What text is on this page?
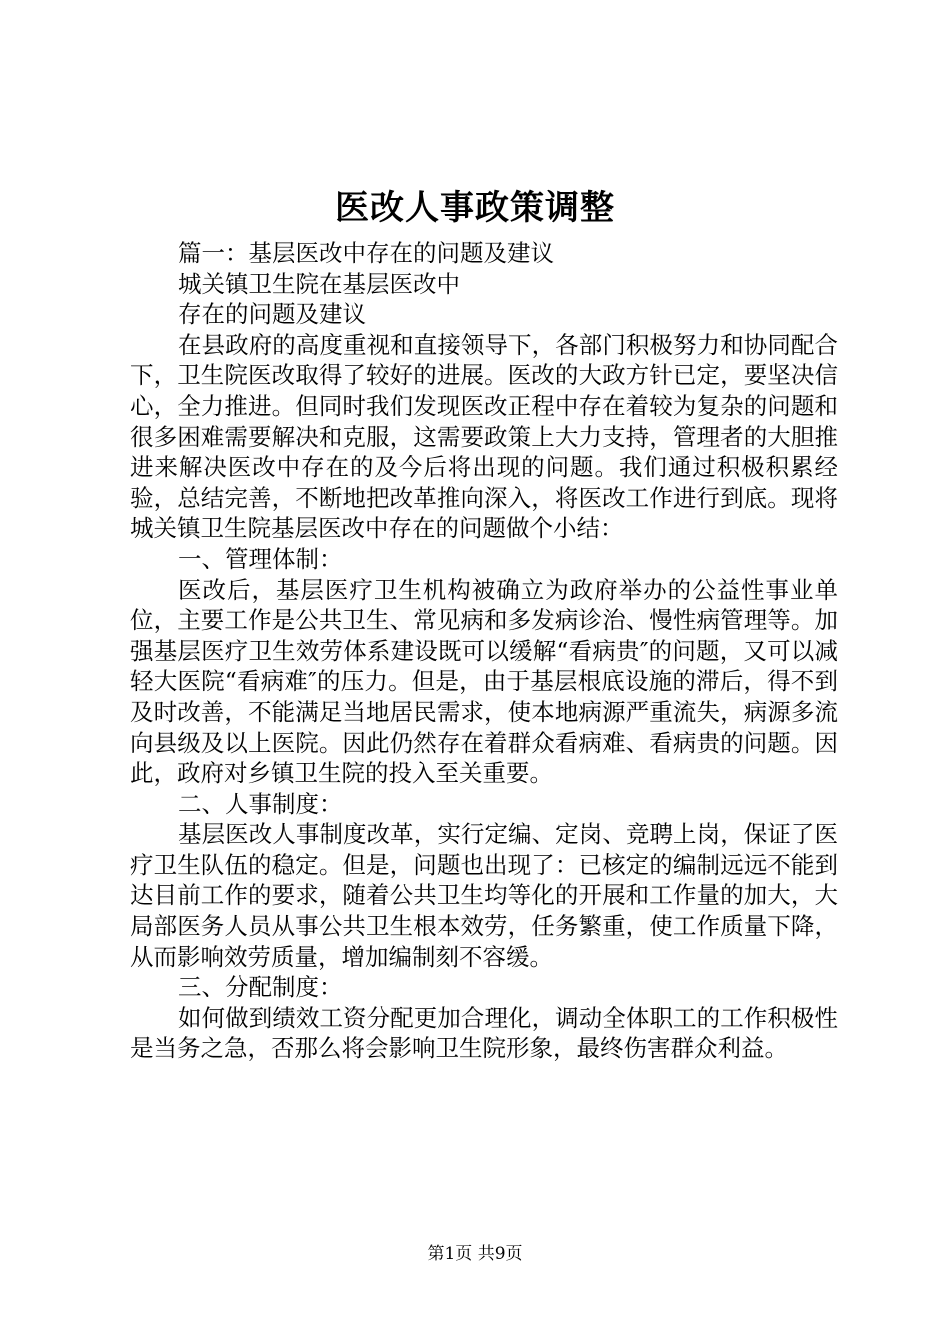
医改人事政策调整

篇一：基层医改中存在的问题及建议

城关镇卫生院在基层医改中

存在的问题及建议

在县政府的高度重视和直接领导下，各部门积极努力和协同配合下，卫生院医改取得了较好的进展。医改的大政方针已定，要坚决信心，全力推进。但同时我们发现医改正程中存在着较为复杂的问题和很多困难需要解决和克服，这需要政策上大力支持，管理者的大胆推进来解决医改中存在的及今后将出现的问题。我们通过积极积累经验，总结完善，不断地把改革推向深入，将医改工作进行到底。现将城关镇卫生院基层医改中存在的问题做个小结：

一、管理体制：

医改后，基层医疗卫生机构被确立为政府举办的公益性事业单位，主要工作是公共卫生、常见病和多发病诊治、慢性病管理等。加强基层医疗卫生效劳体系建设既可以缓解“看病贵″的问题，又可以减轻大医院“看病难″的压力。但是，由于基层根底设施的滞后，得不到及时改善，不能满足当地居民需求，使本地病源严重流失，病源多流向县级及以上医院。因此仍然存在着群众看病难、看病贵的问题。因此，政府对乡镇卫生院的投入至关重要。

二、人事制度：

基层医改人事制度改革，实行定编、定岗、竞聘上岗，保证了医疗卫生队伍的稳定。但是，问题也出现了：已核定的编制远远不能到达目前工作的要求，随着公共卫生均等化的开展和工作量的加大，大局部医务人员从事公共卫生根本效劳，任务繁重，使工作质量下降，从而影响效劳质量，增加编制刻不容缓。

三、分配制度：

如何做到绩效工资分配更加合理化，调动全体职工的工作积极性是当务之急，否那么将会影响卫生院形象，最终伤害群众利益。

第1页 共9页
